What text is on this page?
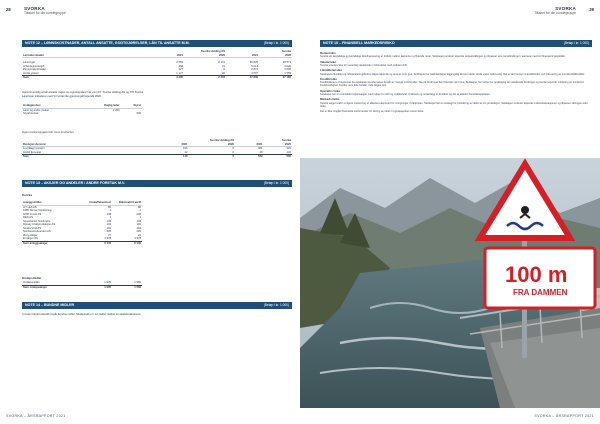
28	SVORKA
Tiltaket for din kundegruppe
NOTE 12 – LØNNSKOSTNADER, ANTALL ANSATTE, GODTGJØRELSER, LÅN TIL ANSATTE M.M.	(Beløp i kr. 1 000)
	Svorka Holding AS		Svorka	
Lønnskostnader	2021	2020	2021	2020

Lønninger	2 683	2 172	36 825	28 571
Arbeidsgiveravgift	468	31	5 013	4 020
Pensjonskostnader	127	0	2 874	3 032
Andre ytelser	1 127	30	3 097	1 559
Sum	4 405	2 233	47 809	37 182
Gjennomsnittlig antall ansatte i løpet av regnskapsåret har vært 97. Svorka Holding AS og 776 Svorka.
Lønninger inkluderer med % hvorav lån gjennomgår løpende 2020.
Godtgjørelser	Daglig leder	Styret
Lønn og andre ytelser	2 200	
Styrehonorar		600
Ingen revisoroppgaver blir i sum innehentet
	Svorka Holding AS		Svorka	
Revisjonshonorar	2021	2020	2021	2020
Lovpålagt revisjon	106	0	481	320
Andre tjenester	42	0	48	132
Sum	148	0	529	506
NOTE 13 – AKSJER OG ANDELER I ANDRE FORETAK M.V.	(Beløp i kr. 1 000)
Svorka
Anleggsmidler	Anskaffelseskost	Balanseført verdi
IoT Hub AS	80	80
KMR Rema Oppløsning	1	1
STRI Invest AS	208	208
REN AS	1	1
Sparebank1 Nordmøre	104	104
Rotsøy Kraftproduksjon AS	102	102
Smøla Vind AS	292	292
Nordvestnettvarden AS	220	220
Øvrig Aksjer	77	22
Et Aksjer AS	4 978	4 978
Sum anleggsaksjer	6 130	6 130
Omløpsmidler
Omløpsmidler	1 935	1 560
Sum omløpsaksjer	1 935	1 560
NOTE 14 – BUNDNE MIDLER	(Beløp i kr. 1 000)
I posten bankinnskudd inngår bundne midler. Skattetrekk er i sin helhet dekket av skattetrekkskonto.
SVORKA – ÅRSRAPPORT 2021
SVORKA
Tiltaket for din kundegruppe
29
NOTE 15 – FINANSIELL MARKEDSRISIKO	(Beløp i kr. 1 000)
Renterisiko

Svorka sin langsiktige og kortsiktige lånefinansiering er fordelt mellom fastrente og flytende rente. Selskapet vurderer løpende renteutviklingen og tilpasser sine rentebindinger i samsvar med sin finansieringspolitikk.

Valutarisiko

Svorka utsettes ikke for vesentlig valutarisiko i forbindelse med ordinær drift.

Likviditetsrisiko

Selskapets likviditet og refinansieringsbehov følges løpende og ansees som god. Selskapet har trekkfasiliteter tilgjengelig dersom dette skulle være nødvendig. Det er tatt hensyn til kredittrisiko ved plassering av overskuddslikviditet.

Kredittrisiko

Kreditrisikoen er begrenset da selskapets kundemasse består av mange små kunder. Tap på fordringer har historisk vært lave. Selskapet har rutiner for oppfølging av utestående fordringer og foretar løpende vurdering av kundenes kredittverdighet. Kunder som ikke betaler i tide følges opp.

Operativ risiko

Selskapet har en velutviklet organisasjon med rutiner for drift og vedlikehold. Kraftverk og nettanlegg er forsikret og det er etablert beredskapsplaner.

Markedsrisiko

Svorka selger kraft i et åpent marked og er således eksponert for svingninger i kraftprisen. Selskapet har en strategi for prissikring av deler av sin produksjon. Selskapet vurderer løpende markedssituasjonen og tilpasser sikringen etter dette.

Det er ikke inngått finansielle instrumenter for sikring av risiko i regnskapsåret utover dette.

100 m
FRA DAMMEN
SVORKA – ÅRSRAPPORT 2021
